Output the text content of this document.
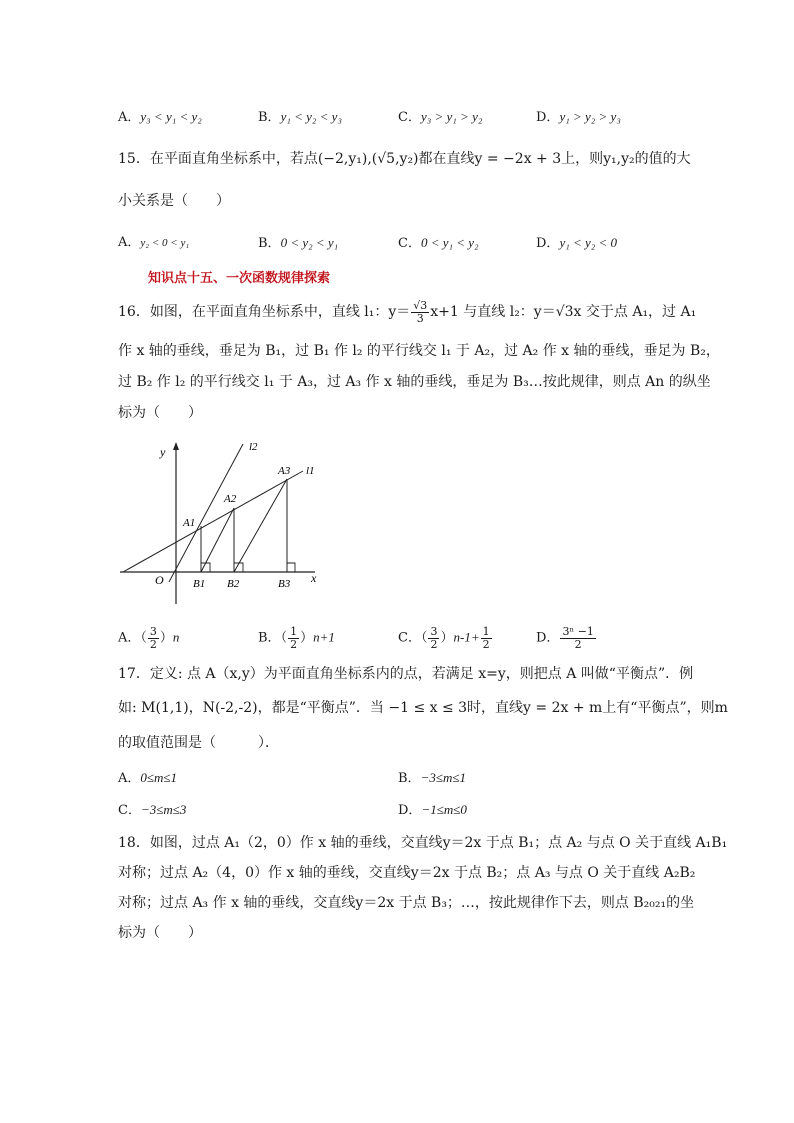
A．y₃ < y₁ < y₂	B．y₁ < y₂ < y₃	C．y₃ > y₁ > y₂	D．y₁ > y₂ > y₃
15．在平面直角坐标系中，若点(−2,y₁),(√5,y₂)都在直线y = −2x + 3上，则y₁,y₂的值的大
小关系是（　　）
A．y₂ < 0 < y₁	B．0 < y₂ < y₁	C．0 < y₁ < y₂	D．y₁ < y₂ < 0
知识点十五、一次函数规律探索
16．如图，在平面直角坐标系中，直线 l₁：$y= \frac{√3}{3} x+1$ 与直线 l₂：y＝√3x 交于点 A₁，过 A₁
作 x 轴的垂线，垂足为 B₁，过 B₁ 作 l₂ 的平行线交 l₁ 于 A₂，过 A₂ 作 x 轴的垂线，垂足为 B₂，
过 B₂ 作 l₂ 的平行线交 l₁ 于 A₃，过 A₃ 作 x 轴的垂线，垂足为 B₃…按此规律，则点 An 的纵坐
标为（　　）
y
x
O
l2
l1
A1
A2
A3
B1 B2	B3
A．（ $\frac{3}{2} )n$	B．（ $\frac{1}{2} )n+1$	C．（ $\frac{3}{2} )n-1+ \frac{1}{2}$	D． $\frac{\text{3ⁿ −1}}{2}$
17．定义: 点 A（x,y）为平面直角坐标系内的点，若满足 x=y，则把点 A 叫做“平衡点”．例
如: M(1,1)，N(-2,-2)，都是“平衡点”．当 −1 ≤ x ≤ 3时，直线y = 2x + m上有“平衡点”，则m
的取值范围是（　　　）．
A．0≤m≤1	B．−3≤m≤1
C．−3≤m≤3	D．−1≤m≤0
18．如图，过点 A₁（2，0）作 x 轴的垂线，交直线y＝2x 于点 B₁；点 A₂ 与点 O 关于直线 A₁B₁
对称；过点 A₂（4，0）作 x 轴的垂线，交直线y＝2x 于点 B₂；点 A₃ 与点 O 关于直线 A₂B₂
对称；过点 A₃ 作 x 轴的垂线，交直线y＝2x 于点 B₃；…，按此规律作下去，则点 B₂₀₂₁的坐
标为（　　）
